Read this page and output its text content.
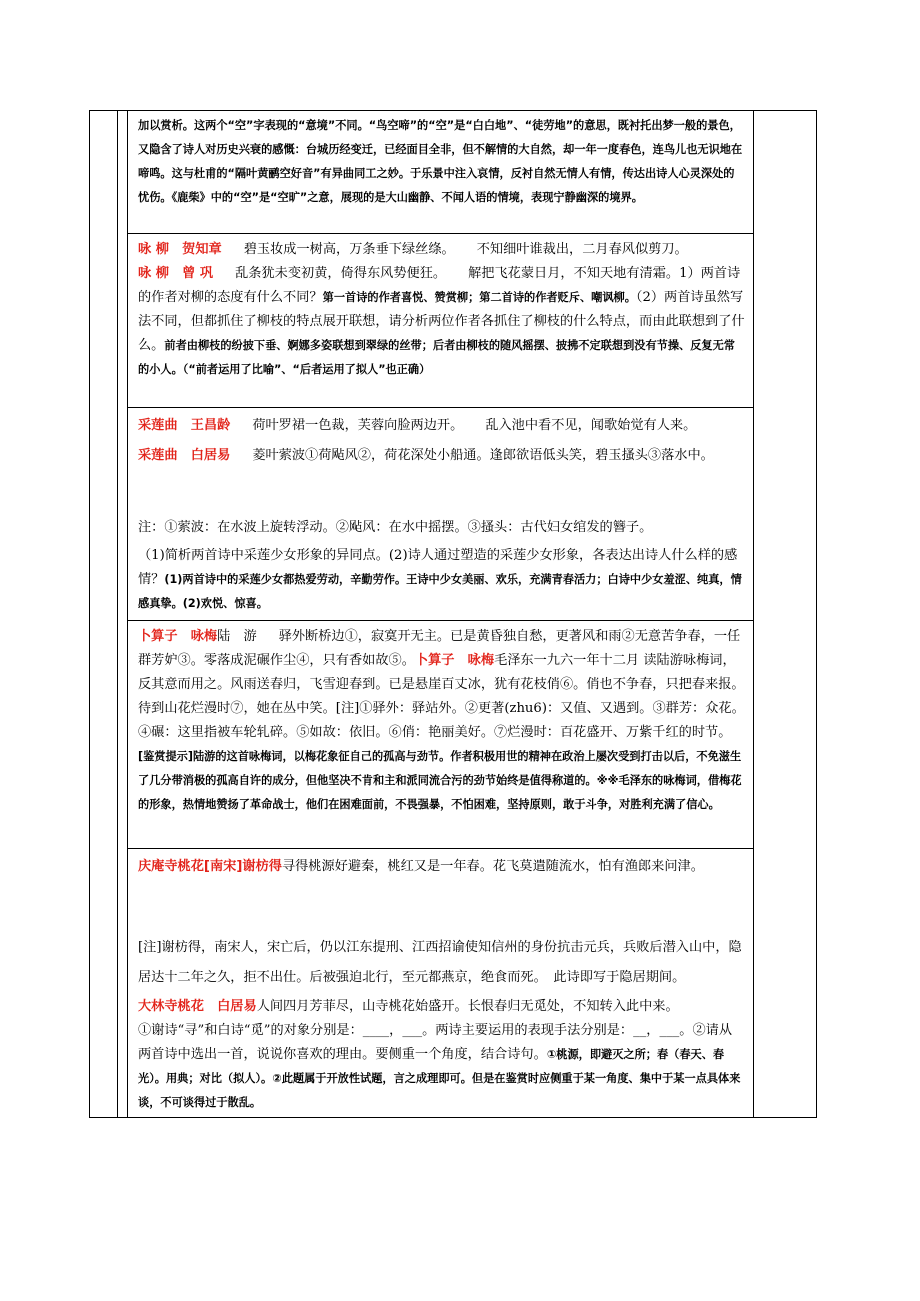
加以赏析。这两个“空”字表现的“意境”不同。“鸟空啼”的“空”是“白白地”、“徒劳地”的意思，既衬托出梦一般的景色，又隐含了诗人对历史兴衰的感慨：台城历经变迁，已经面目全非，但不解情的大自然，却一年一度春色，连鸟儿也无识地在啼鸣。这与杜甫的“隔叶黄鹂空好音”有异曲同工之妙。于乐景中注入哀情，反衬自然无情人有情，传达出诗人心灵深处的忧伤。《鹿柴》中的“空”是“空旷”之意，展现的是大山幽静、不闻人语的情境，表现宁静幽深的境界。

咏 柳　贺知章 碧玉妆成一树高，万条垂下绿丝绦。 不知细叶谁裁出，二月春风似剪刀。
咏 柳　曾 巩 乱条犹未变初黄，倚得东风势便狂。 解把飞花蒙日月，不知天地有清霜。1）两首诗的作者对柳的态度有什么不同？第一首诗的作者喜悦、赞赏柳；第二首诗的作者贬斥、嘲讽柳。（2）两首诗虽然写法不同，但都抓住了柳枝的特点展开联想，请分析两位作者各抓住了柳枝的什么特点，而由此联想到了什么。前者由柳枝的纷披下垂、婀娜多姿联想到翠绿的丝带；后者由柳枝的随风摇摆、披拂不定联想到没有节操、反复无常的小人。（“前者运用了比喻”、“后者运用了拟人”也正确）

采莲曲　王昌龄 荷叶罗裙一色裁，芙蓉向脸两边开。 乱入池中看不见，闻歌始觉有人来。

采莲曲　白居易 菱叶萦波①荷飐风②，荷花深处小船通。逢郎欲语低头笑，碧玉搔头③落水中。

注：①萦波：在水波上旋转浮动。②飐风：在水中摇摆。③搔头：古代妇女绾发的簪子。

（1)简析两首诗中采莲少女形象的异同点。(2)诗人通过塑造的采莲少女形象，各表达出诗人什么样的感情？(1)两首诗中的采莲少女都热爱劳动，辛勤劳作。王诗中少女美丽、欢乐，充满青春活力；白诗中少女羞涩、纯真，情感真挚。(2)欢悦、惊喜。

卜算子　咏梅陆　游 驿外断桥边①，寂寞开无主。已是黄昏独自愁，更著风和雨②无意苦争春，一任群芳妒③。零落成泥碾作尘④，只有香如故⑤。卜算子　咏梅毛泽东一九六一年十二月 读陆游咏梅词，反其意而用之。风雨送春归，飞雪迎春到。已是悬崖百丈冰，犹有花枝俏⑥。俏也不争春，只把春来报。待到山花烂漫时⑦，她在丛中笑。[注]①驿外：驿站外。②更著(zhu6)：又值、又遇到。③群芳：众花。④碾：这里指被车轮轧碎。⑤如故：依旧。⑥俏：艳丽美好。⑦烂漫时：百花盛开、万紫千红的时节。[鉴赏提示]陆游的这首咏梅词，以梅花象征自己的孤高与劲节。作者积极用世的精神在政治上屡次受到打击以后，不免滋生了几分带消极的孤高自许的成分，但他坚决不肯和主和派同流合污的劲节始终是值得称道的。※※毛泽东的咏梅词，借梅花的形象，热情地赞扬了革命战士，他们在困难面前，不畏强暴，不怕困难，坚持原则，敢于斗争，对胜利充满了信心。

庆庵寺桃花[南宋]谢枋得寻得桃源好避秦，桃红又是一年春。花飞莫遣随流水，怕有渔郎来问津。

[注]谢枋得，南宋人，宋亡后，仍以江东提刑、江西招谕使知信州的身份抗击元兵，兵败后潜入山中，隐居达十二年之久，拒不出仕。后被强迫北行，至元都燕京，绝食而死。　此诗即写于隐居期间。

大林寺桃花　白居易人间四月芳菲尽，山寺桃花始盛开。长恨春归无觅处，不知转入此中来。

①谢诗“寻”和白诗“觅”的对象分别是：____，___。两诗主要运用的表现手法分别是：__，___。②请从两首诗中选出一首，说说你喜欢的理由。要侧重一个角度，结合诗句。①桃源，即避灭之所；春（春天、春光）。用典；对比（拟人）。②此题属于开放性试题，言之成理即可。但是在鉴赏时应侧重于某一角度、集中于某一点具体来谈，不可谈得过于散乱。
